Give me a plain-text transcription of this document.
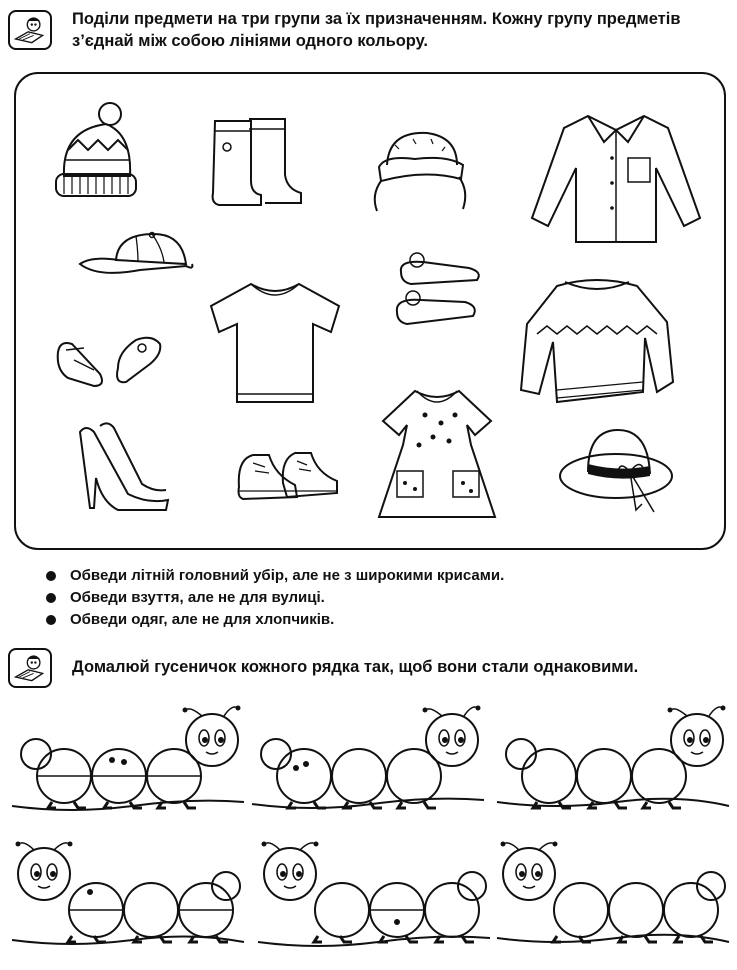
Поділи предмети на три групи за їх призначенням. Кожну групу предметів з’єднай між собою лініями одного кольору.
Обведи літній головний убір, але не з широкими крисами.
Обведи взуття, але не для вулиці.
Обведи одяг, але не для хлопчиків.
Домалюй гусеничок кожного рядка так, щоб вони стали однаковими.
